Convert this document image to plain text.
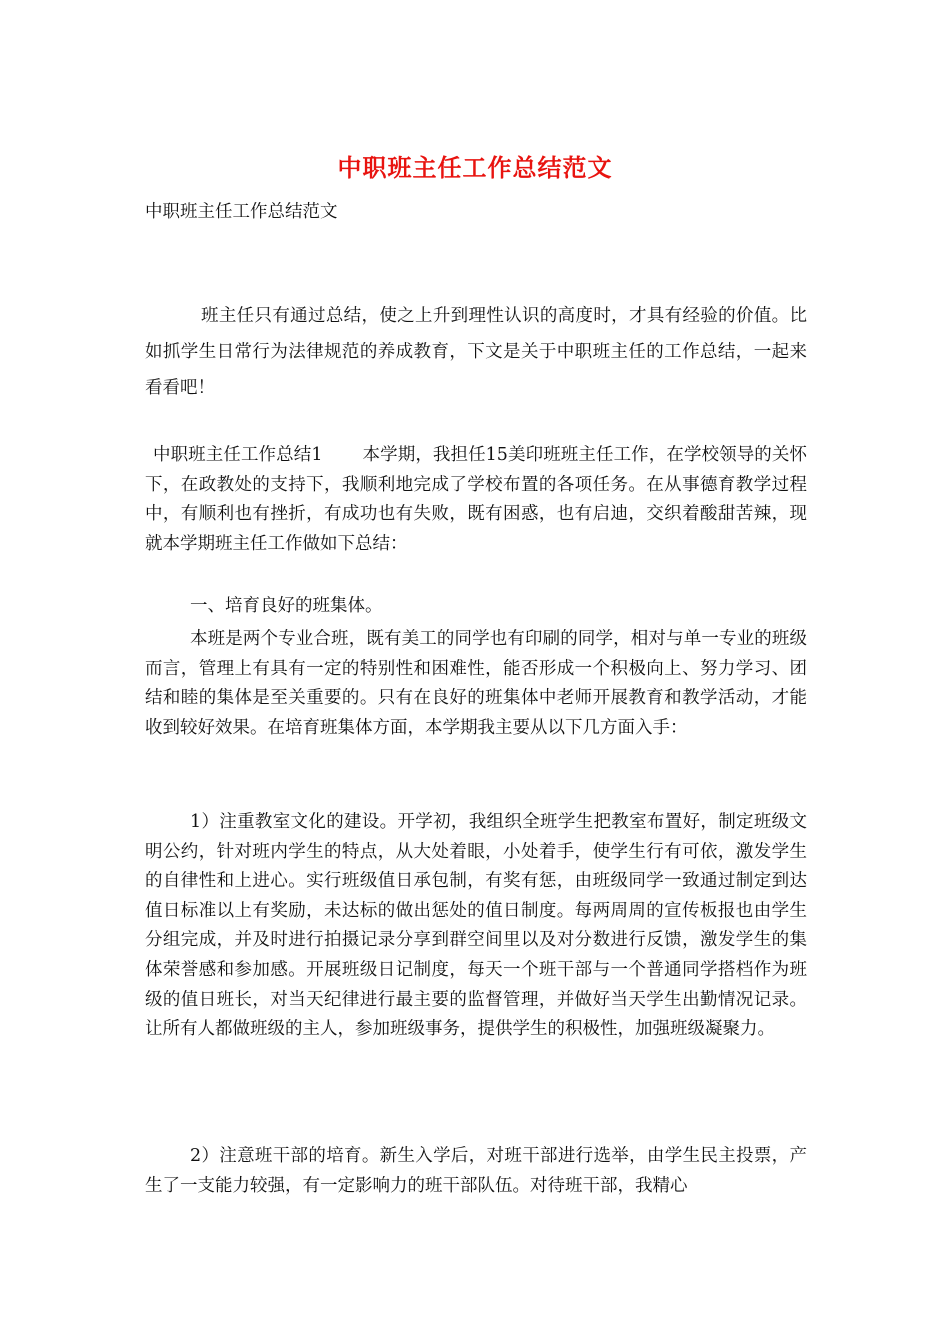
中职班主任工作总结范文

中职班主任工作总结范文

班主任只有通过总结，使之上升到理性认识的高度时，才具有经验的价值。比如抓学生日常行为法律规范的养成教育，下文是关于中职班主任的工作总结，一起来看看吧！

中职班主任工作总结1 本学期，我担任15美印班班主任工作，在学校领导的关怀下，在政教处的支持下，我顺利地完成了学校布置的各项任务。在从事德育教学过程中，有顺利也有挫折，有成功也有失败，既有困惑，也有启迪，交织着酸甜苦辣，现就本学期班主任工作做如下总结：

一、培育良好的班集体。

本班是两个专业合班，既有美工的同学也有印刷的同学，相对与单一专业的班级而言，管理上有具有一定的特别性和困难性，能否形成一个积极向上、努力学习、团结和睦的集体是至关重要的。只有在良好的班集体中老师开展教育和教学活动，才能收到较好效果。在培育班集体方面，本学期我主要从以下几方面入手：

1）注重教室文化的建设。开学初，我组织全班学生把教室布置好，制定班级文明公约，针对班内学生的特点，从大处着眼，小处着手，使学生行有可依，激发学生的自律性和上进心。实行班级值日承包制，有奖有惩，由班级同学一致通过制定到达值日标准以上有奖励，未达标的做出惩处的值日制度。每两周周的宣传板报也由学生分组完成，并及时进行拍摄记录分享到群空间里以及对分数进行反馈，激发学生的集体荣誉感和参加感。开展班级日记制度，每天一个班干部与一个普通同学搭档作为班级的值日班长，对当天纪律进行最主要的监督管理，并做好当天学生出勤情况记录。让所有人都做班级的主人，参加班级事务，提供学生的积极性，加强班级凝聚力。

2）注意班干部的培育。新生入学后，对班干部进行选举，由学生民主投票，产生了一支能力较强，有一定影响力的班干部队伍。对待班干部，我精心
